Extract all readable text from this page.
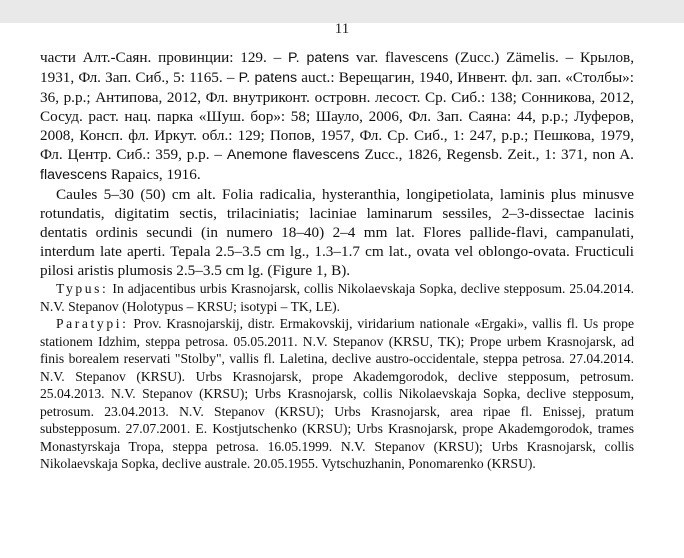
11

части Алт.-Саян. провинции: 129. – P. patens var. flavescens (Zucc.) Zämelis. – Крылов, 1931, Фл. Зап. Сиб., 5: 1165. – P. patens auct.: Верещагин, 1940, Инвент. фл. зап. «Столбы»: 36, p.p.; Антипова, 2012, Фл. внутриконт. островн. лесост. Ср. Сиб.: 138; Сонникова, 2012, Сосуд. раст. нац. парка «Шуш. бор»: 58; Шауло, 2006, Фл. Зап. Саяна: 44, p.p.; Луферов, 2008, Консп. фл. Иркут. обл.: 129; Попов, 1957, Фл. Ср. Сиб., 1: 247, p.p.; Пешкова, 1979, Фл. Центр. Сиб.: 359, p.p. – Anemone flavescens Zucc., 1826, Regensb. Zeit., 1: 371, non A. flavescens Rapaics, 1916.

Caules 5–30 (50) cm alt. Folia radicalia, hysteranthia, longipetiolata, laminis plus minusve rotundatis, digitatim sectis, trilaciniatis; laciniae laminarum sessiles, 2–3-dissectae lacinis dentatis ordinis secundi (in numero 18–40) 2–4 mm lat. Flores pallide-flavi, campanulati, interdum late aperti. Tepala 2.5–3.5 cm lg., 1.3–1.7 cm lat., ovata vel oblongo-ovata. Fructiculi pilosi aristis plumosis 2.5–3.5 cm lg. (Figure 1, B).

Typus: In adjacentibus urbis Krasnojarsk, collis Nikolaevskaja Sopka, declive stepposum. 25.04.2014. N.V. Stepanov (Holotypus – KRSU; isotypi – TK, LE).

Paratypi: Prov. Krasnojarskij, distr. Ermakovskij, viridarium nationale «Ergaki», vallis fl. Us prope stationem Idzhim, steppa petrosa. 05.05.2011. N.V. Stepanov (KRSU, TK); Prope urbem Krasnojarsk, ad finis borealem reservati "Stolby", vallis fl. Laletina, declive austro-occidentale, steppa petrosa. 27.04.2014. N.V. Stepanov (KRSU). Urbs Krasnojarsk, prope Akademgorodok, declive stepposum, petrosum. 25.04.2013. N.V. Stepanov (KRSU); Urbs Krasnojarsk, collis Nikolaevskaja Sopka, declive stepposum, petrosum. 23.04.2013. N.V. Stepanov (KRSU); Urbs Krasnojarsk, area ripae fl. Enissej, pratum substepposum. 27.07.2001. E. Kostjutschenko (KRSU); Urbs Krasnojarsk, prope Akademgorodok, trames Monastyrskaja Tropa, steppa petrosa. 16.05.1999. N.V. Stepanov (KRSU); Urbs Krasnojarsk, collis Nikolaevskaja Sopka, declive australe. 20.05.1955. Vytschuzhanin, Ponomarenko (KRSU).
